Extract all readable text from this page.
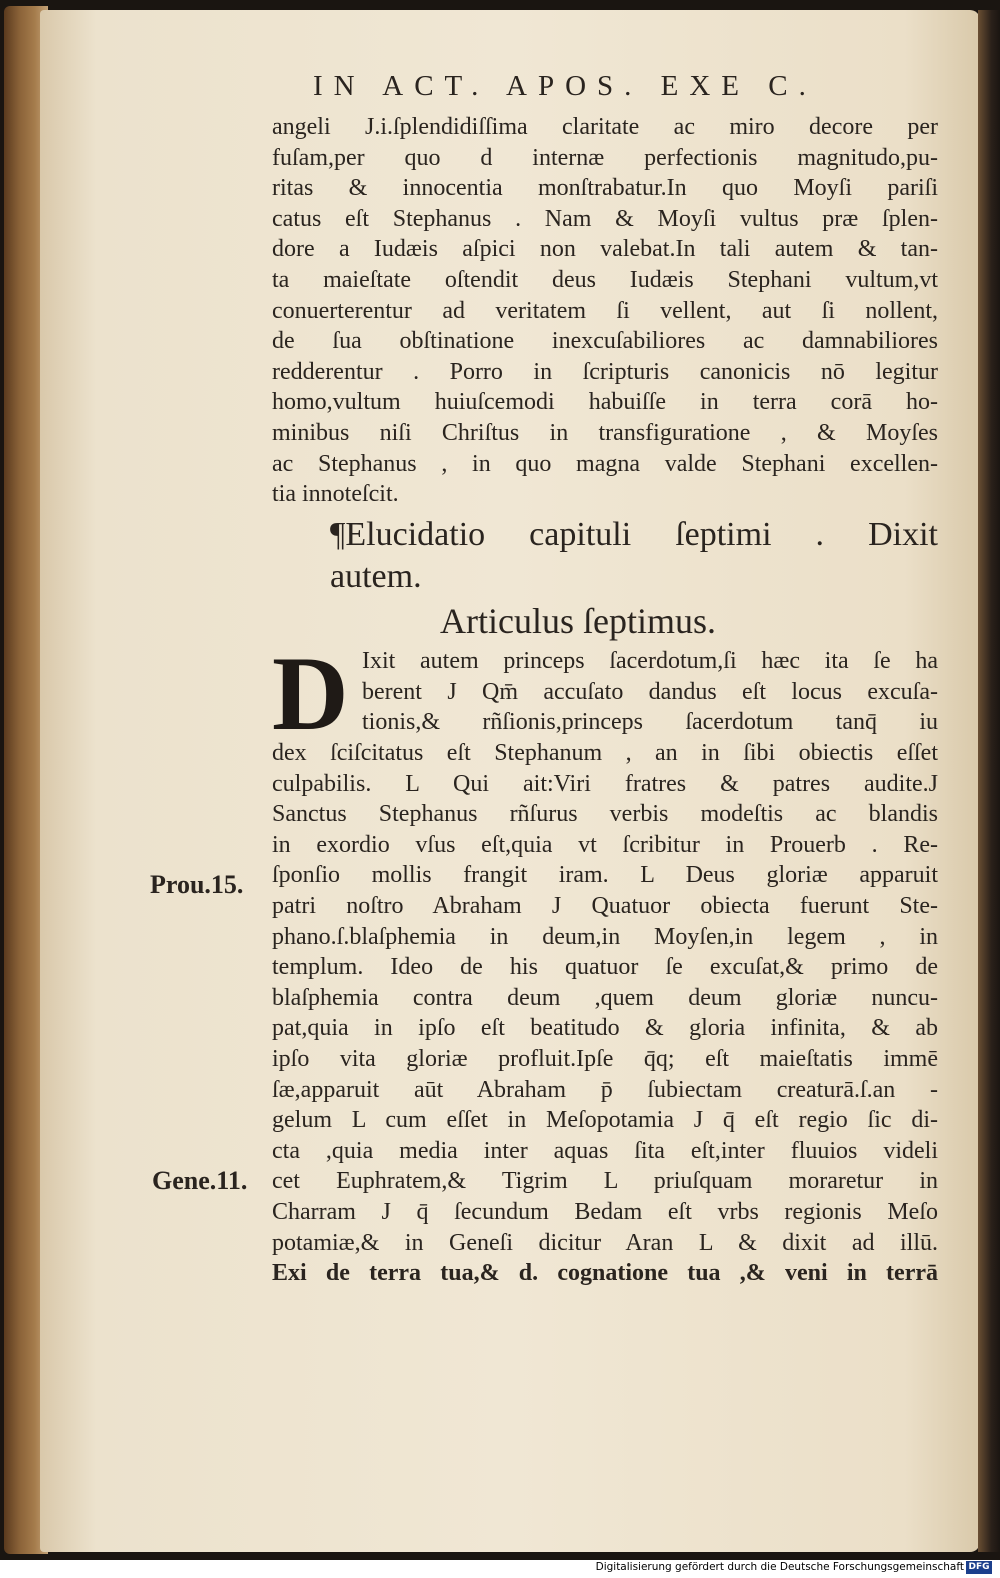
IN ACT. APOS. EXE C.
angeli J.i.ſplendidiſſima claritate ac miro decore per
fuſam,per quo d internæ perfectionis magnitudo,pu-
ritas & innocentia monſtrabatur.In quo Moyſi pariſi
catus eſt Stephanus . Nam & Moyſi vultus præ ſplen-
dore a Iudæis aſpici non valebat.In tali autem & tan-
ta maieſtate oſtendit deus Iudæis Stephani vultum,vt
conuerterentur ad veritatem ſi vellent, aut ſi nollent,
de ſua obſtinatione inexcuſabiliores ac damnabiliores
redderentur . Porro in ſcripturis canonicis nō legitur
homo,vultum huiuſcemodi habuiſſe in terra corā ho-
minibus niſi Chriſtus in transfiguratione , & Moyſes
ac Stephanus , in quo magna valde Stephani excellen-
tia innoteſcit.
¶Elucidatio capituli ſeptimi . Dixit
autem.
Articulus ſeptimus.
D Ixit autem princeps ſacerdotum,ſi hæc ita ſe ha
berent J Qm̄ accuſato dandus eſt locus excuſa-
tionis,& rñſionis,princeps ſacerdotum tanq̄ iu
dex ſciſcitatus eſt Stephanum , an in ſibi obiectis eſſet
culpabilis. L Qui ait:Viri fratres & patres audite.J
Sanctus Stephanus rñſurus verbis modeſtis ac blandis
in exordio vſus eſt,quia vt ſcribitur in Prouerb . Re-
ſponſio mollis frangit iram. L Deus gloriæ apparuit
patri noſtro Abraham J Quatuor obiecta fuerunt Ste-
phano.ſ.blaſphemia in deum,in Moyſen,in legem , in
templum. Ideo de his quatuor ſe excuſat,& primo de
blaſphemia contra deum ,quem deum gloriæ nuncu-
pat,quia in ipſo eſt beatitudo & gloria infinita, & ab
ipſo vita gloriæ profluit.Ipſe q̄q; eſt maieſtatis immē
ſæ,apparuit aūt Abraham p̄ ſubiectam creaturā.ſ.an -
gelum L cum eſſet in Meſopotamia J q̄ eſt regio ſic di-
cta ,quia media inter aquas ſita eſt,inter fluuios videli
cet Euphratem,& Tigrim L priuſquam moraretur in
Charram J q̄ ſecundum Bedam eſt vrbs regionis Meſo
potamiæ,& in Geneſi dicitur Aran L & dixit ad illū.
Exi de terra tua,& d. cognatione tua ,& veni in terrā
Prou.15.
Gene.11.
Digitalisierung gefördert durch die Deutsche Forschungsgemeinschaft DFG
